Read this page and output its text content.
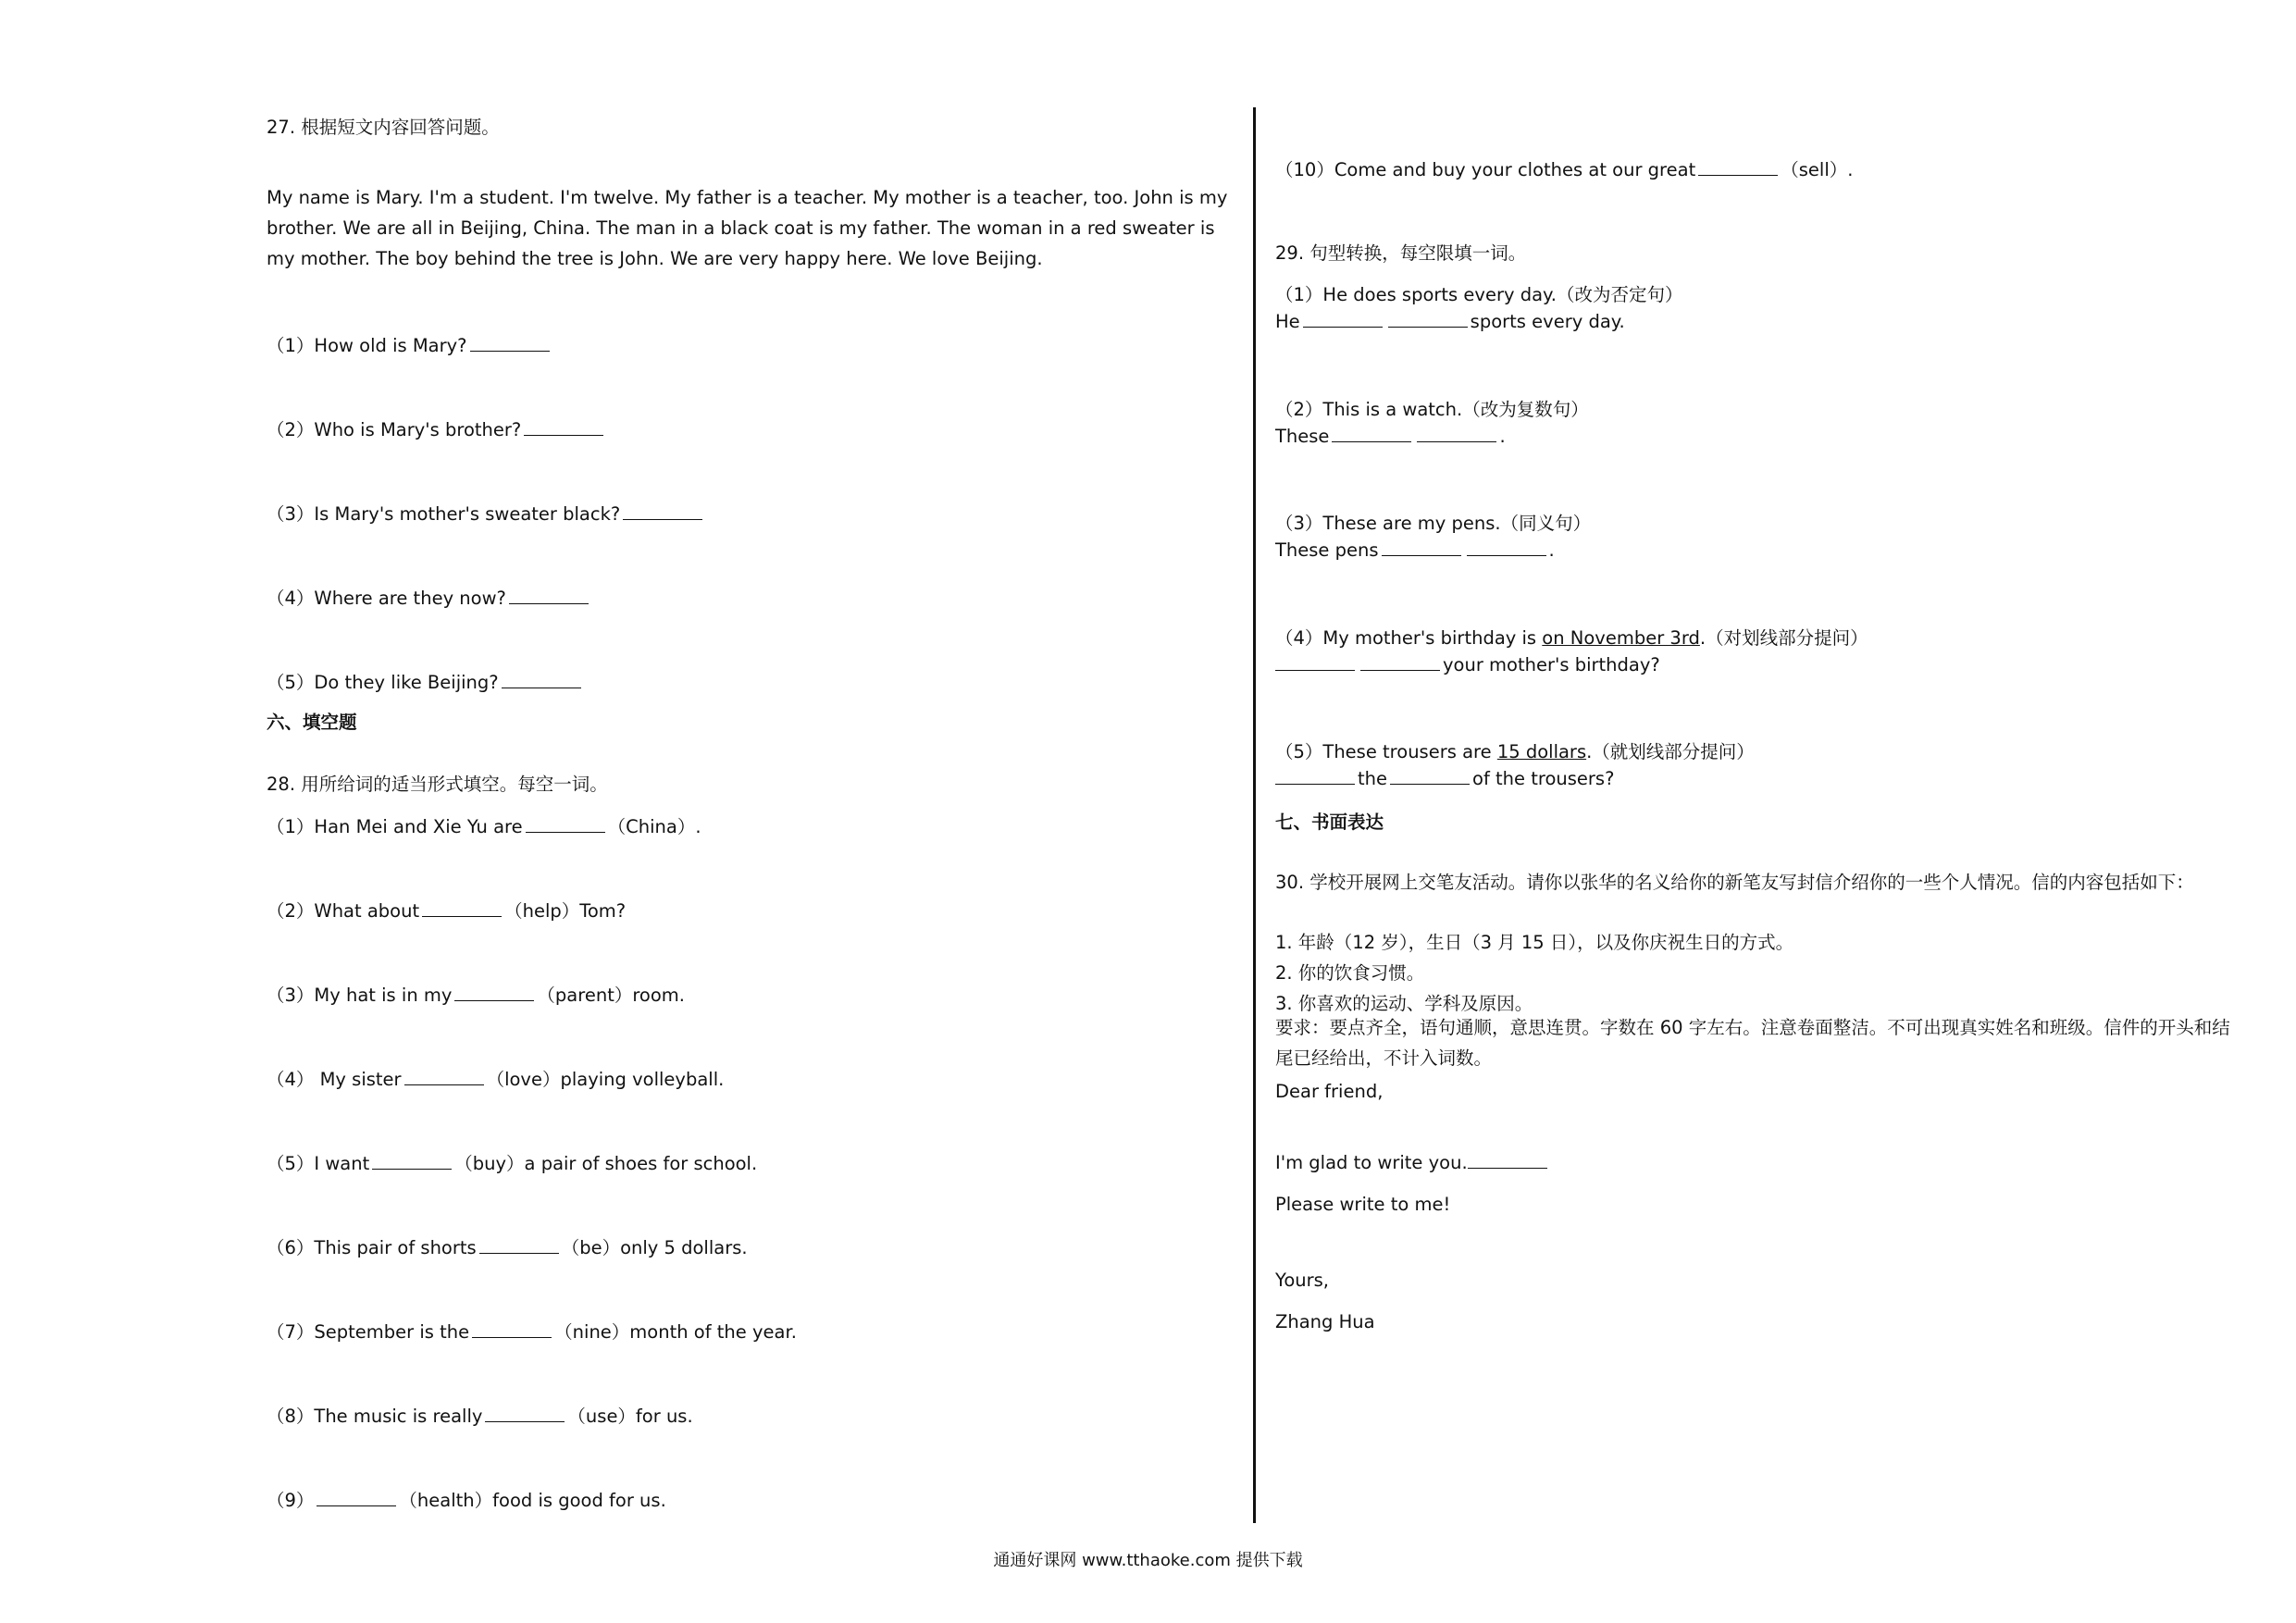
27. 根据短文内容回答问题。
My name is Mary. I'm a student. I'm twelve. My father is a teacher. My mother is a teacher, too. John is my brother. We are all in Beijing, China. The man in a black coat is my father. The woman in a red sweater is my mother. The boy behind the tree is John. We are very happy here. We love Beijing.
（1）How old is Mary?
（2）Who is Mary's brother?
（3）Is Mary's mother's sweater black?
（4）Where are they now?
（5）Do they like Beijing?
六、填空题
28. 用所给词的适当形式填空。每空一词。
（1）Han Mei and Xie Yu are	（China）.
（2）What about	（help）Tom?
（3）My hat is in my	（parent）room.
（4） My sister	（love）playing volleyball.
（5）I want	（buy）a pair of shoes for school.
（6）This pair of shorts	（be）only 5 dollars.
（7）September is the	（nine）month of the year.
（8）The music is really	（use）for us.
（9）	（health）food is good for us.
（10）Come and buy your clothes at our great	（sell）.
29. 句型转换，每空限填一词。
（1）He does sports every day.（改为否定句）
He	sports every day.
（2）This is a watch.（改为复数句）
These	.
（3）These are my pens.（同义句）
These pens	.
（4）My mother's birthday is on November 3rd.（对划线部分提问）
your mother's birthday?
（5）These trousers are 15 dollars.（就划线部分提问）
the	of the trousers?
七、书面表达
30. 学校开展网上交笔友活动。请你以张华的名义给你的新笔友写封信介绍你的一些个人情况。信的内容包括如下：
1. 年龄（12 岁），生日（3 月 15 日），以及你庆祝生日的方式。
2. 你的饮食习惯。
3. 你喜欢的运动、学科及原因。
要求：要点齐全，语句通顺，意思连贯。字数在 60 字左右。注意卷面整洁。不可出现真实姓名和班级。信件的开头和结尾已经给出，不计入词数。
Dear friend,
I'm glad to write you.
Please write to me!
Yours,
Zhang Hua
通通好课网 www.tthaoke.com 提供下载
